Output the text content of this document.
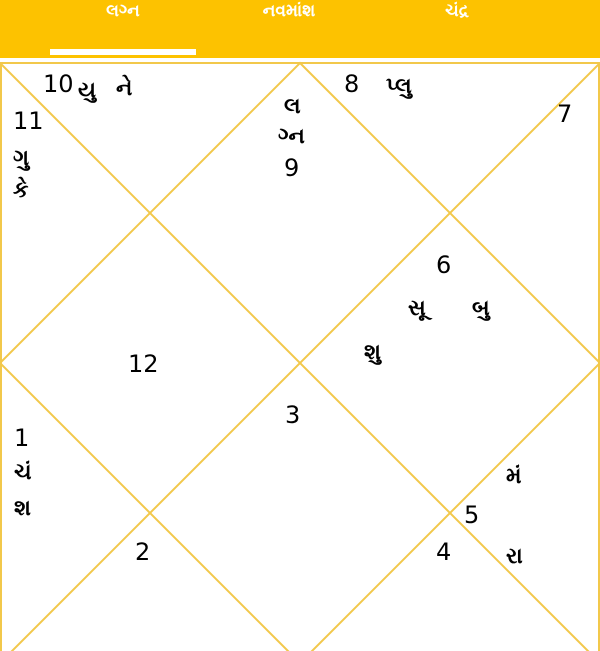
લગ્ન	નવમાંશ	ચંદ્ર
10 યુ ને
11
ગુ
કે
લ
ગ્ન
9
8 પ્લુ
7
6
સૂ બુ
શુ
12
3
1
ચં
શ
મં
5
4 રા
2
